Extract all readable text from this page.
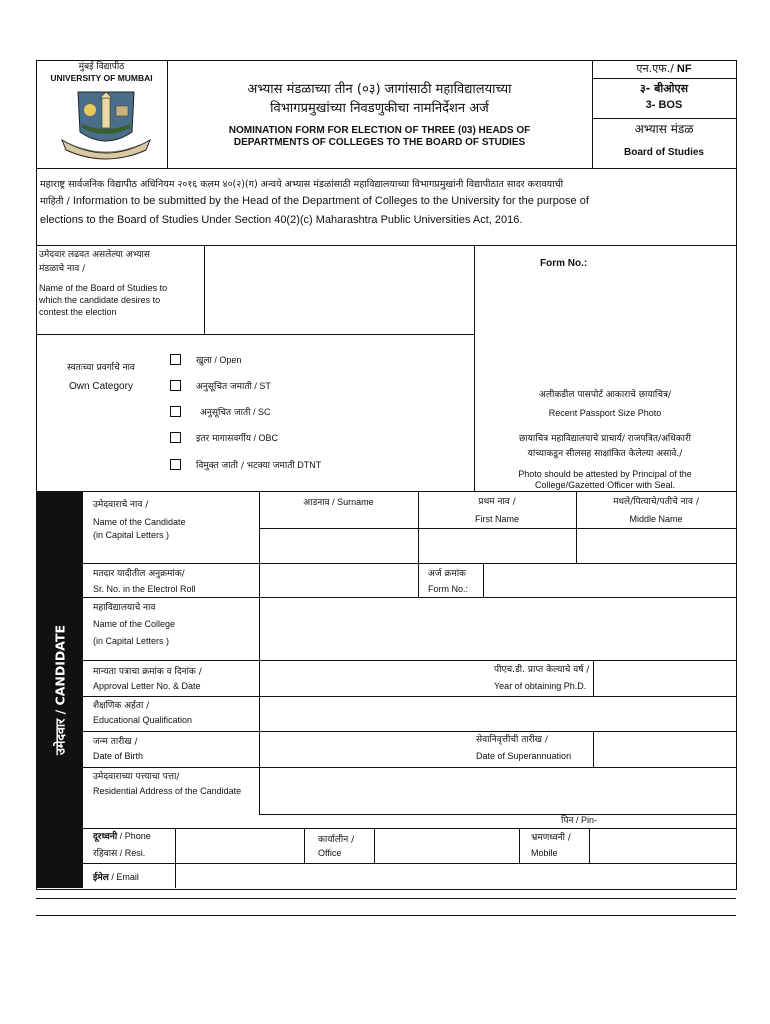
मुंबई विद्यापीठ
UNIVERSITY OF MUMBAI
अभ्यास मंडळाच्या तीन (०३) जागांसाठी महाविद्यालयाच्या
विभागप्रमुखांच्या निवडणुकीचा नामनिर्देशन अर्ज
NOMINATION FORM FOR ELECTION OF THREE (03) HEADS OF
DEPARTMENTS OF COLLEGES TO THE BOARD OF STUDIES
एन.एफ./ NF
३- बीओएस
3- BOS
अभ्यास मंडळ
Board of Studies
महाराष्ट्र सार्वजनिक विद्यापीठ अधिनियम २०१६ कलम ४०(२)(ग) अन्वये अभ्यास मंडळांसाठी महाविद्यालयाच्या विभागप्रमुखांनी विद्यापीठात सादर करावयाची
माहिती / Information to be submitted by the Head of the Department of Colleges to the University for the purpose of
elections to the Board of Studies Under Section 40(2)(c) Maharashtra Public Universities Act, 2016.
उमेदवार लढवत असलेल्या अभ्यास
मंडळाचे नाव /
Name of the Board of Studies to
which the candidate desires to
contest the election
Form No.:
स्वतःच्या प्रवर्गाचे नाव
Own Category
खुला / Open
अनुसूचित जमाती / ST
अनुसूचित जाती / SC
इतर मागासवर्गीय / OBC
विमुक्त जाती / भटक्या जमाती DTNT
अलीकडील पासपोर्ट आकाराचे छायाचित्र/
Recent Passport Size Photo
छायाचित्र महाविद्यालयाचे प्राचार्य/ राजपत्रित/अधिकारी
यांच्याकडून सीलसह साक्षांकित केलेल्या असावे./
Photo should be attested by Principal of the
College/Gazetted Officer with Seal.
उमेदवार / CANDIDATE
उमेदवाराचे नाव /
Name of the Candidate
(in Capital Letters )
आडनाव / Surname	प्रथम नाव /
First Name
मधले/पित्याचे/पतीचे नाव /
Middle Name
मतदार यादीतील अनुक्रमांक/
Sr. No. in the Electrol Roll
अर्ज क्रमांक
Form No.:
महाविद्यालयाचे नाव
Name of the College
(in Capital Letters )
मान्यता पत्राचा क्रमांक व दिनांक /
Approval Letter No. & Date
पीएच.डी. प्राप्त केल्याचे वर्ष /
Year of obtaining Ph.D.
शैक्षणिक अर्हता /
Educational Qualification
जन्म तारीख /
Date of Birth
सेवानिवृत्तीची तारीख /
Date of Superannuation
उमेदवाराच्या पत्त्याचा पत्ता/
Residential Address of the Candidate
पिन / Pin-
दूरध्वनी / Phone
रहिवास / Resi.
कार्यालीन /
Office
भ्रमणध्वनी /
Mobile
ईमेल / Email
